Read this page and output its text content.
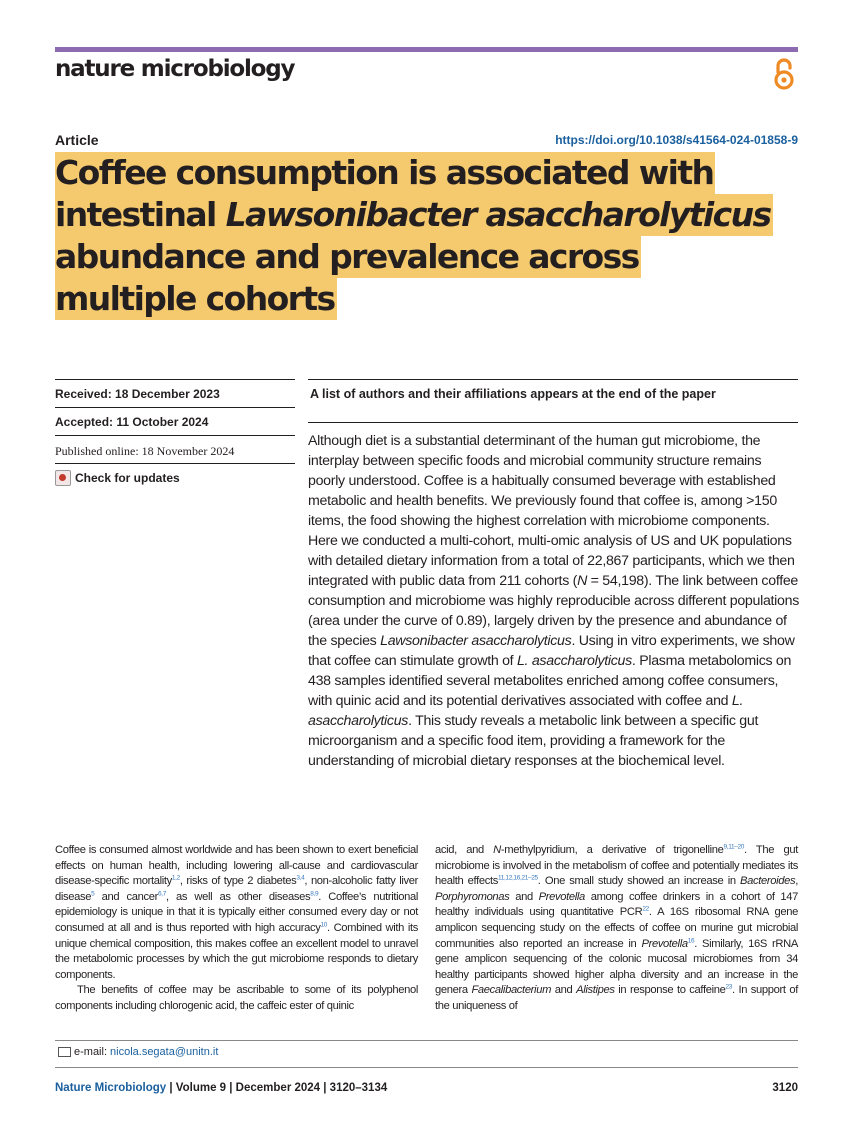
nature microbiology
Article	https://doi.org/10.1038/s41564-024-01858-9
Coffee consumption is associated with
intestinal Lawsonibacter asaccharolyticus
abundance and prevalence across
multiple cohorts
Received: 18 December 2023
Accepted: 11 October 2024
Published online: 18 November 2024
Check for updates
A list of authors and their affiliations appears at the end of the paper
Although diet is a substantial determinant of the human gut microbiome, the interplay between specific foods and microbial community structure remains poorly understood. Coffee is a habitually consumed beverage with established metabolic and health benefits. We previously found that coffee is, among >150 items, the food showing the highest correlation with microbiome components. Here we conducted a multi-cohort, multi-omic analysis of US and UK populations with detailed dietary information from a total of 22,867 participants, which we then integrated with public data from 211 cohorts (N = 54,198). The link between coffee consumption and microbiome was highly reproducible across different populations (area under the curve of 0.89), largely driven by the presence and abundance of the species Lawsonibacter asaccharolyticus. Using in vitro experiments, we show that coffee can stimulate growth of L. asaccharolyticus. Plasma metabolomics on 438 samples identified several metabolites enriched among coffee consumers, with quinic acid and its potential derivatives associated with coffee and L. asaccharolyticus. This study reveals a metabolic link between a specific gut microorganism and a specific food item, providing a framework for the understanding of microbial dietary responses at the biochemical level.

Coffee is consumed almost worldwide and has been shown to exert beneficial effects on human health, including lowering all-cause and cardiovascular disease-specific mortality$^{1,2}$, risks of type 2 diabetes$^{3,4}$, non-alcoholic fatty liver disease$^5$ and cancer$^{6,7}$, as well as other diseases$^{8,9}$. Coffee’s nutritional epidemiology is unique in that it is typically either consumed every day or not consumed at all and is thus reported with high accuracy$^{10}$. Combined with its unique chemical composition, this makes coffee an excellent model to unravel the metabolomic processes by which the gut microbiome responds to dietary components.

The benefits of coffee may be ascribable to some of its polyphenol components including chlorogenic acid, the caffeic ester of quinic

acid, and N-methylpyridium, a derivative of trigonelline$^{9,11-20}$. The gut microbiome is involved in the metabolism of coffee and potentially mediates its health effects$^{11,12,16,21-25}$. One small study showed an increase in Bacteroides, Porphyromonas and Prevotella among coffee drinkers in a cohort of 147 healthy individuals using quantitative PCR$^{22}$. A 16S ribosomal RNA gene amplicon sequencing study on the effects of coffee on murine gut microbial communities also reported an increase in Prevotella$^{16}$. Similarly, 16S rRNA gene amplicon sequencing of the colonic mucosal microbiomes from 34 healthy participants showed higher alpha diversity and an increase in the genera Faecalibacterium and Alistipes in response to caffeine$^{23}$. In support of the uniqueness of

e-mail: nicola.segata@unitn.it
Nature Microbiology | Volume 9 | December 2024 | 3120–3134	3120
